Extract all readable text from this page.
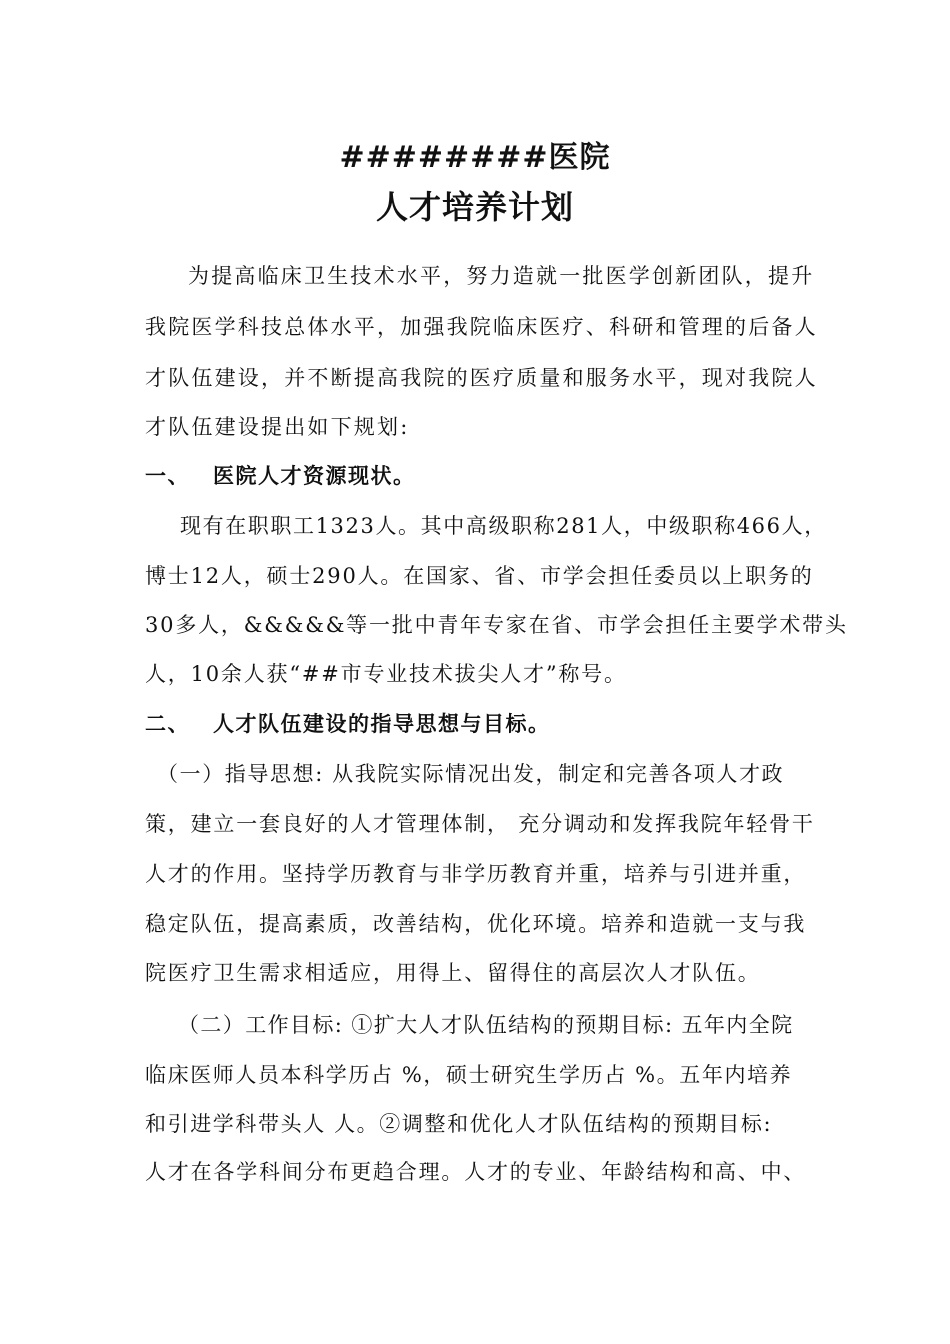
########医院
人才培养计划
为提高临床卫生技术水平，努力造就一批医学创新团队，提升
我院医学科技总体水平，加强我院临床医疗、科研和管理的后备人
才队伍建设，并不断提高我院的医疗质量和服务水平，现对我院人
才队伍建设提出如下规划:
一、 医院人才资源现状。
现有在职职工1323人。其中高级职称281人，中级职称466人，
博士12人，硕士290人。在国家、省、市学会担任委员以上职务的
30多人，&&&&&等一批中青年专家在省、市学会担任主要学术带头
人，10余人获“##市专业技术拔尖人才”称号。
二、 人才队伍建设的指导思想与目标。
（一）指导思想: 从我院实际情况出发，制定和完善各项人才政
策，建立一套良好的人才管理体制， 充分调动和发挥我院年轻骨干
人才的作用。坚持学历教育与非学历教育并重，培养与引进并重，
稳定队伍，提高素质，改善结构，优化环境。培养和造就一支与我
院医疗卫生需求相适应，用得上、留得住的高层次人才队伍。
（二）工作目标: ①扩大人才队伍结构的预期目标: 五年内全院
临床医师人员本科学历占 %，硕士研究生学历占 %。五年内培养
和引进学科带头人 人。②调整和优化人才队伍结构的预期目标:
人才在各学科间分布更趋合理。人才的专业、年龄结构和高、中、
